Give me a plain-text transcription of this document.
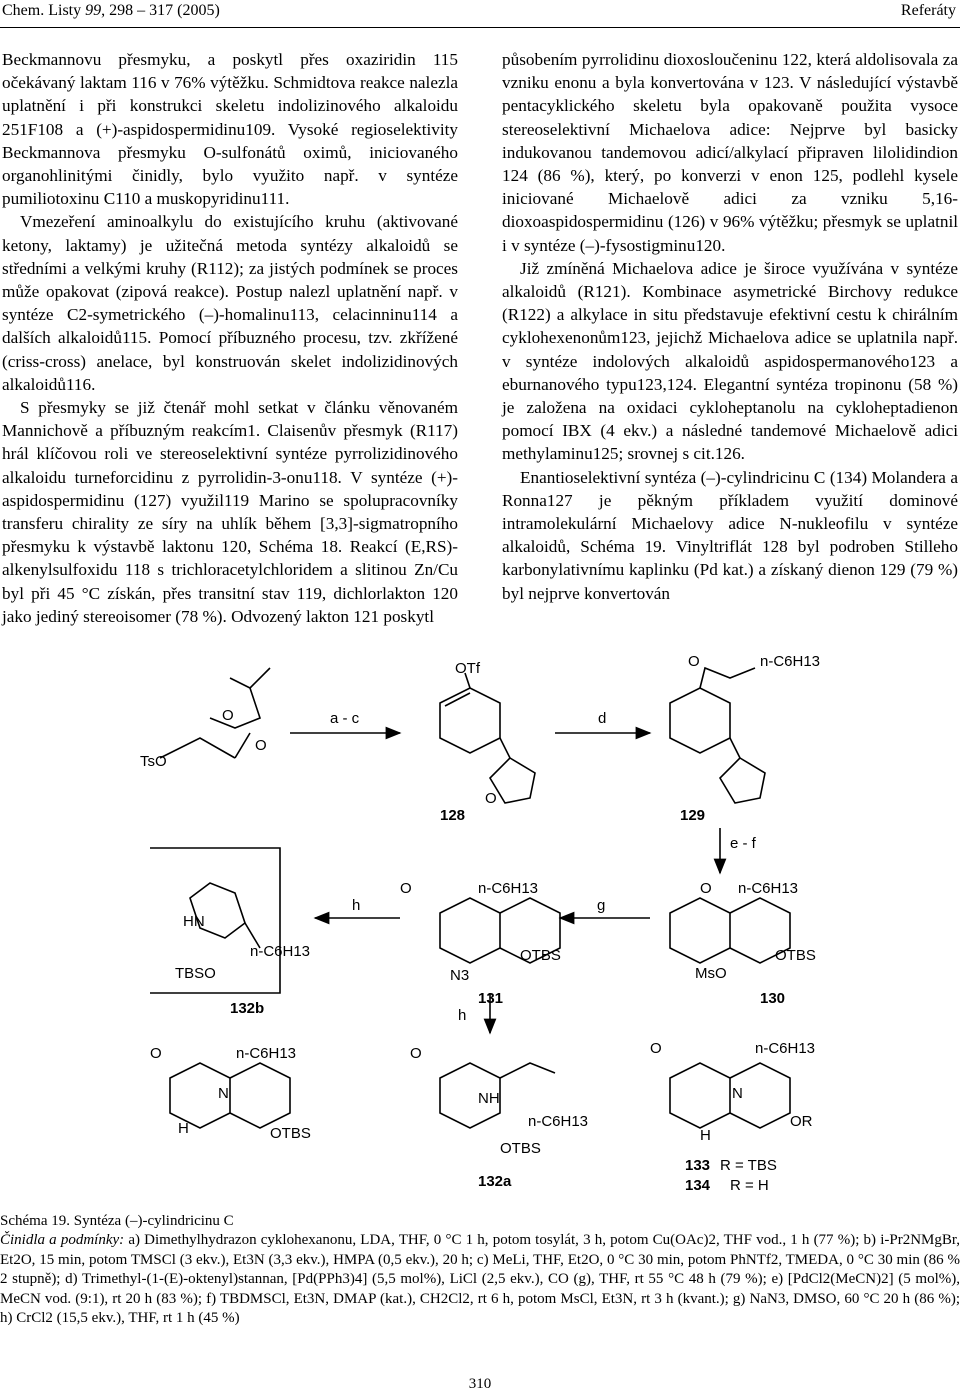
Chem. Listy 99, 298 – 317 (2005)	Referáty

Beckmannovu přesmyku, a poskytl přes oxaziridin 115 očekávaný laktam 116 v 76% výtěžku. Schmidtova reakce nalezla uplatnění i při konstrukci skeletu indolizinového alkaloidu 251F108 a (+)-aspidospermidinu109. Vysoké regioselektivity Beckmannova přesmyku O-sulfonátů oximů, iniciovaného organohlinitými činidly, bylo využito např. v syntéze pumiliotoxinu C110 a muskopyridinu111.

Vmezeření aminoalkylu do existujícího kruhu (aktivované ketony, laktamy) je užitečná metoda syntézy alkaloidů se středními a velkými kruhy (R112); za jistých podmínek se proces může opakovat (zipová reakce). Postup nalezl uplatnění např. v syntéze C2-symetrického (–)-homalinu113, celacinninu114 a dalších alkaloidů115. Pomocí příbuzného procesu, tzv. zkřížené (criss-cross) anelace, byl konstruován skelet indolizidinových alkaloidů116.

S přesmyky se již čtenář mohl setkat v článku věnovaném Mannichově a příbuzným reakcím1. Claisenův přesmyk (R117) hrál klíčovou roli ve stereoselektivní syntéze pyrrolizidinového alkaloidu turneforcidinu z pyrrolidin-3-onu118. V syntéze (+)-aspidospermidinu (127) využil119 Marino se spolupracovníky transferu chirality ze síry na uhlík během [3,3]-sigmatropního přesmyku k výstavbě laktonu 120, Schéma 18. Reakcí (E,RS)-alkenylsulfoxidu 118 s trichloracetylchloridem a slitinou Zn/Cu byl při 45 °C získán, přes transitní stav 119, dichlorlakton 120 jako jediný stereoisomer (78 %). Odvozený lakton 121 poskytl

působením pyrrolidinu dioxosloučeninu 122, která aldolisovala za vzniku enonu a byla konvertována v 123. V následující výstavbě pentacyklického skeletu byla opakovaně použita vysoce stereoselektivní Michaelova adice: Nejprve byl basicky indukovanou tandemovou adicí/alkylací připraven lilolidindion 124 (86 %), který, po konverzi v enon 125, podlehl kysele iniciované Michaelově adici za vzniku 5,16-dioxoaspidospermidinu (126) v 96% výtěžku; přesmyk se uplatnil i v syntéze (–)-fysostigminu120.

Již zmíněná Michaelova adice je široce využívána v syntéze alkaloidů (R121). Kombinace asymetrické Birchovy redukce (R122) a alkylace in situ představuje efektivní cestu k chirálním cyklohexenonům123, jejichž Michaelova adice se uplatnila např. v syntéze indolových alkaloidů aspidospermanového123 a eburnanového typu123,124. Elegantní syntéza tropinonu (58 %) je založena na oxidaci cykloheptanolu na cykloheptadienon pomocí IBX (4 ekv.) a následné tandemové Michaelově adici methylaminu125; srovnej s cit.126.

Enantioselektivní syntéza (–)-cylindricinu C (134) Molandera a Ronna127 je pěkným příkladem využití dominové intramolekulární Michaelovy adice N-nukleofilu v syntéze alkaloidů, Schéma 19. Vinyltriflát 128 byl podroben Stilleho karbonylativnímu kaplinku (Pd kat.) a získaný dienon 129 (79 %) byl nejprve konvertován

TsO
O
O
a - c
OTf
O
128
d
O	n-C6H13
129
e - f
O n-C6H13
MsO
OTBS
130
g
O	n-C6H13
N3
OTBS
131
h
HN
n-C6H13
TBSO
132b	h
O	n-C6H13
N
H	OTBS
O
NH
n-C6H13
OTBS
132a
O	n-C6H13
N
H
OR
133 R = TBS
134 R = H
Schéma 19. Syntéza (–)-cylindricinu C
Činidla a podmínky: a) Dimethylhydrazon cyklohexanonu, LDA, THF, 0 °C 1 h, potom tosylát, 3 h, potom Cu(OAc)2, THF vod., 1 h (77 %); b) i-Pr2NMgBr, Et2O, 15 min, potom TMSCl (3 ekv.), Et3N (3,3 ekv.), HMPA (0,5 ekv.), 20 h; c) MeLi, THF, Et2O, 0 °C 30 min, potom PhNTf2, TMEDA, 0 °C 30 min (86 % 2 stupně); d) Trimethyl-(1-(E)-oktenyl)stannan, [Pd(PPh3)4] (5,5 mol%), LiCl (2,5 ekv.), CO (g), THF, rt 55 °C 48 h (79 %); e) [PdCl2(MeCN)2] (5 mol%), MeCN vod. (9:1), rt 20 h (83 %); f) TBDMSCl, Et3N, DMAP (kat.), CH2Cl2, rt 6 h, potom MsCl, Et3N, rt 3 h (kvant.); g) NaN3, DMSO, 60 °C 20 h (86 %); h) CrCl2 (15,5 ekv.), THF, rt 1 h (45 %)
310
